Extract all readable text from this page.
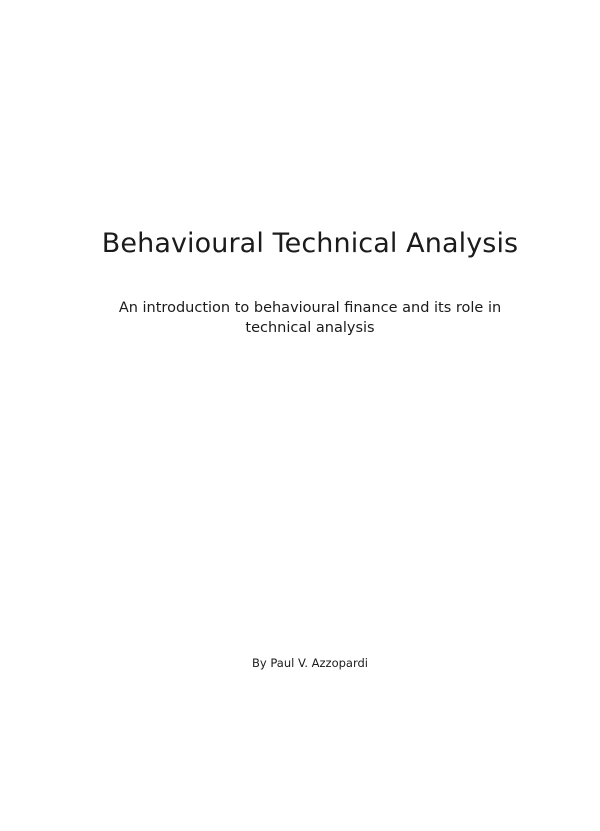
Behavioural Technical Analysis
An introduction to behavioural finance and its role in
technical analysis
By Paul V. Azzopardi
